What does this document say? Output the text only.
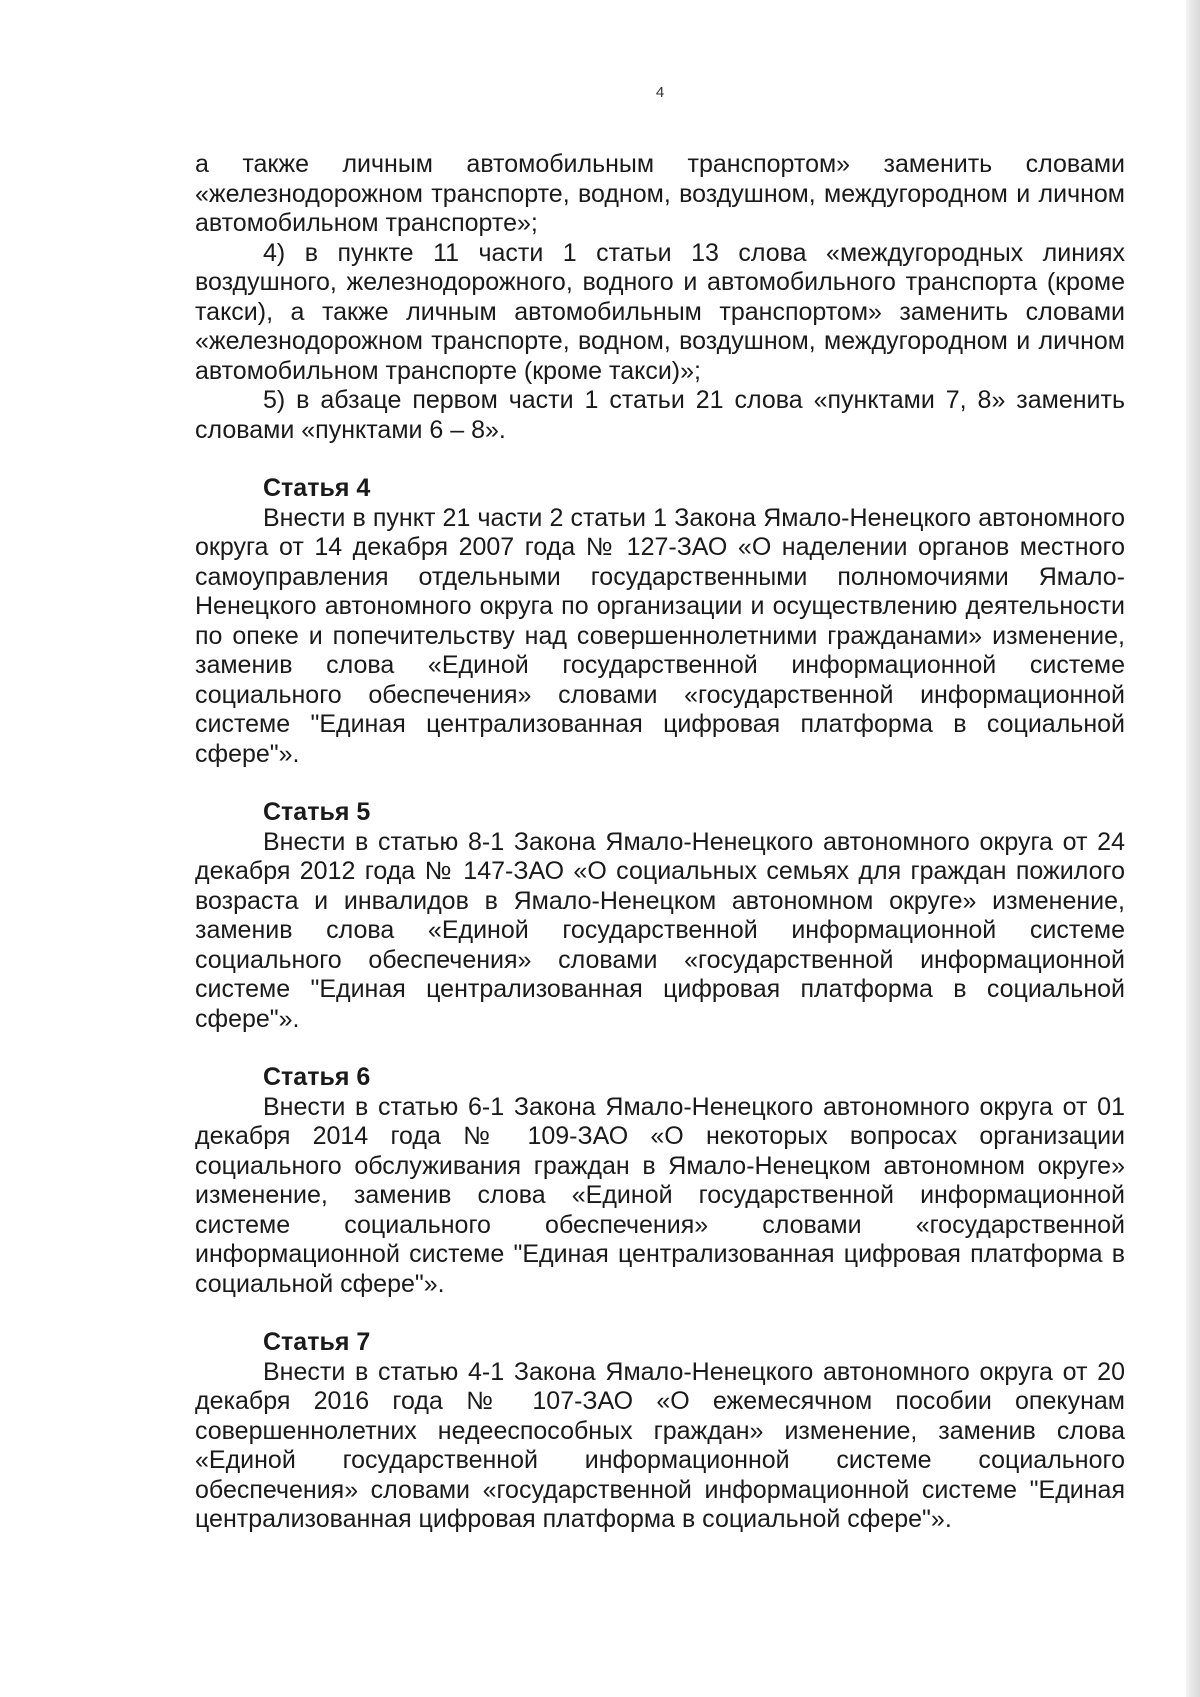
4

а также личным автомобильным транспортом» заменить словами «железнодорожном транспорте, водном, воздушном, междугородном и личном автомобильном транспорте»;

4) в пункте 11 части 1 статьи 13 слова «междугородных линиях воздушного, железнодорожного, водного и автомобильного транспорта (кроме такси), а также личным автомобильным транспортом» заменить словами «железнодорожном транспорте, водном, воздушном, междугородном и личном автомобильном транспорте (кроме такси)»;

5) в абзаце первом части 1 статьи 21 слова «пунктами 7, 8» заменить словами «пунктами 6 – 8».

Статья 4

Внести в пункт 21 части 2 статьи 1 Закона Ямало-Ненецкого автономного округа от 14 декабря 2007 года № 127-ЗАО «О наделении органов местного самоуправления отдельными государственными полномочиями Ямало-Ненецкого автономного округа по организации и осуществлению деятельности по опеке и попечительству над совершеннолетними гражданами» изменение, заменив слова «Единой государственной информационной системе социального обеспечения» словами «государственной информационной системе "Единая централизованная цифровая платформа в социальной сфере"».

Статья 5

Внести в статью 8-1 Закона Ямало-Ненецкого автономного округа от 24 декабря 2012 года № 147-ЗАО «О социальных семьях для граждан пожилого возраста и инвалидов в Ямало-Ненецком автономном округе» изменение, заменив слова «Единой государственной информационной системе социального обеспечения» словами «государственной информационной системе "Единая централизованная цифровая платформа в социальной сфере"».

Статья 6

Внести в статью 6-1 Закона Ямало-Ненецкого автономного округа от 01 декабря 2014 года № 109-ЗАО «О некоторых вопросах организации социального обслуживания граждан в Ямало-Ненецком автономном округе» изменение, заменив слова «Единой государственной информационной системе социального обеспечения» словами «государственной информационной системе "Единая централизованная цифровая платформа в социальной сфере"».

Статья 7

Внести в статью 4-1 Закона Ямало-Ненецкого автономного округа от 20 декабря 2016 года № 107-ЗАО «О ежемесячном пособии опекунам совершеннолетних недееспособных граждан» изменение, заменив слова «Единой государственной информационной системе социального обеспечения» словами «государственной информационной системе "Единая централизованная цифровая платформа в социальной сфере"».
